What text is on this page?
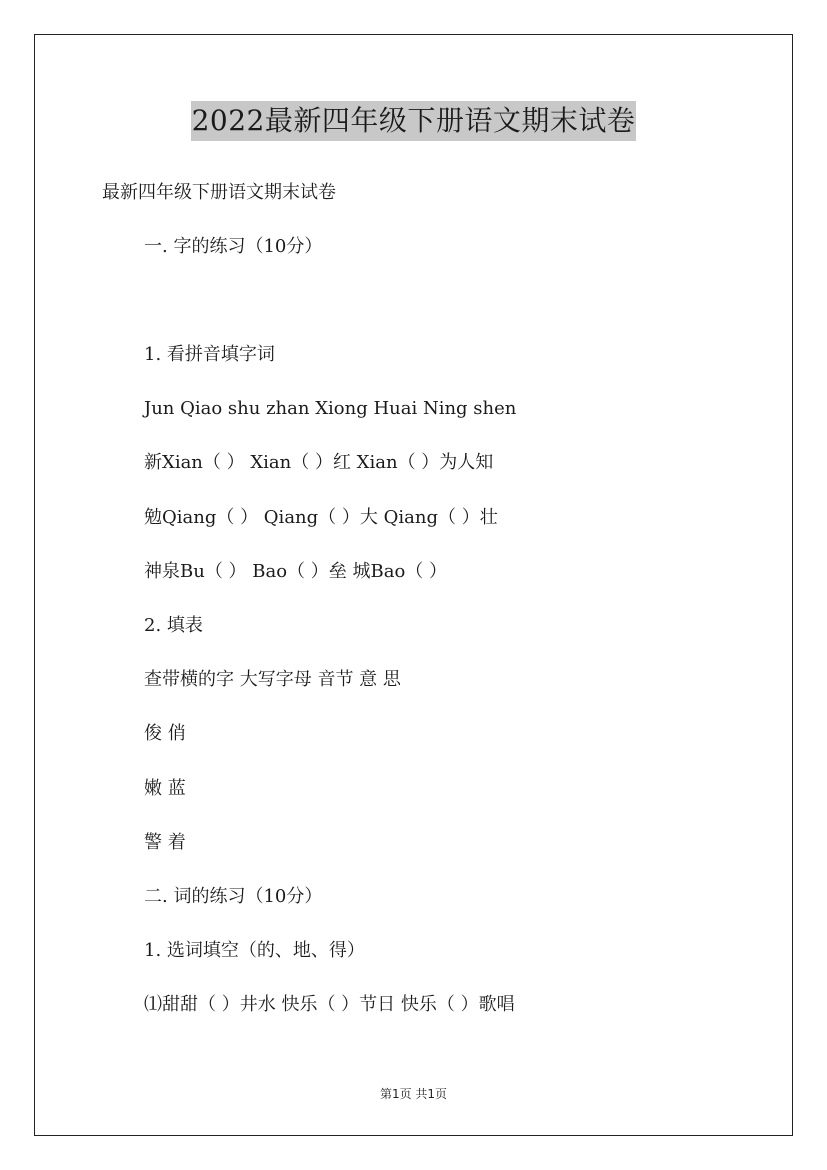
2022最新四年级下册语文期末试卷
最新四年级下册语文期末试卷
一. 字的练习（10分）
1. 看拼音填字词
Jun Qiao shu zhan Xiong Huai Ning shen
新Xian（ ） Xian（ ）红 Xian（ ）为人知
勉Qiang（ ） Qiang（ ）大 Qiang（ ）壮
神泉Bu（ ） Bao（ ）垒 城Bao（ ）
2. 填表
查带横的字 大写字母 音节 意 思
俊 俏
嫩 蓝
警 着
二. 词的练习（10分）
1. 选词填空（的、地、得）
⑴甜甜（ ）井水 快乐（ ）节日 快乐（ ）歌唱
第1页 共1页
